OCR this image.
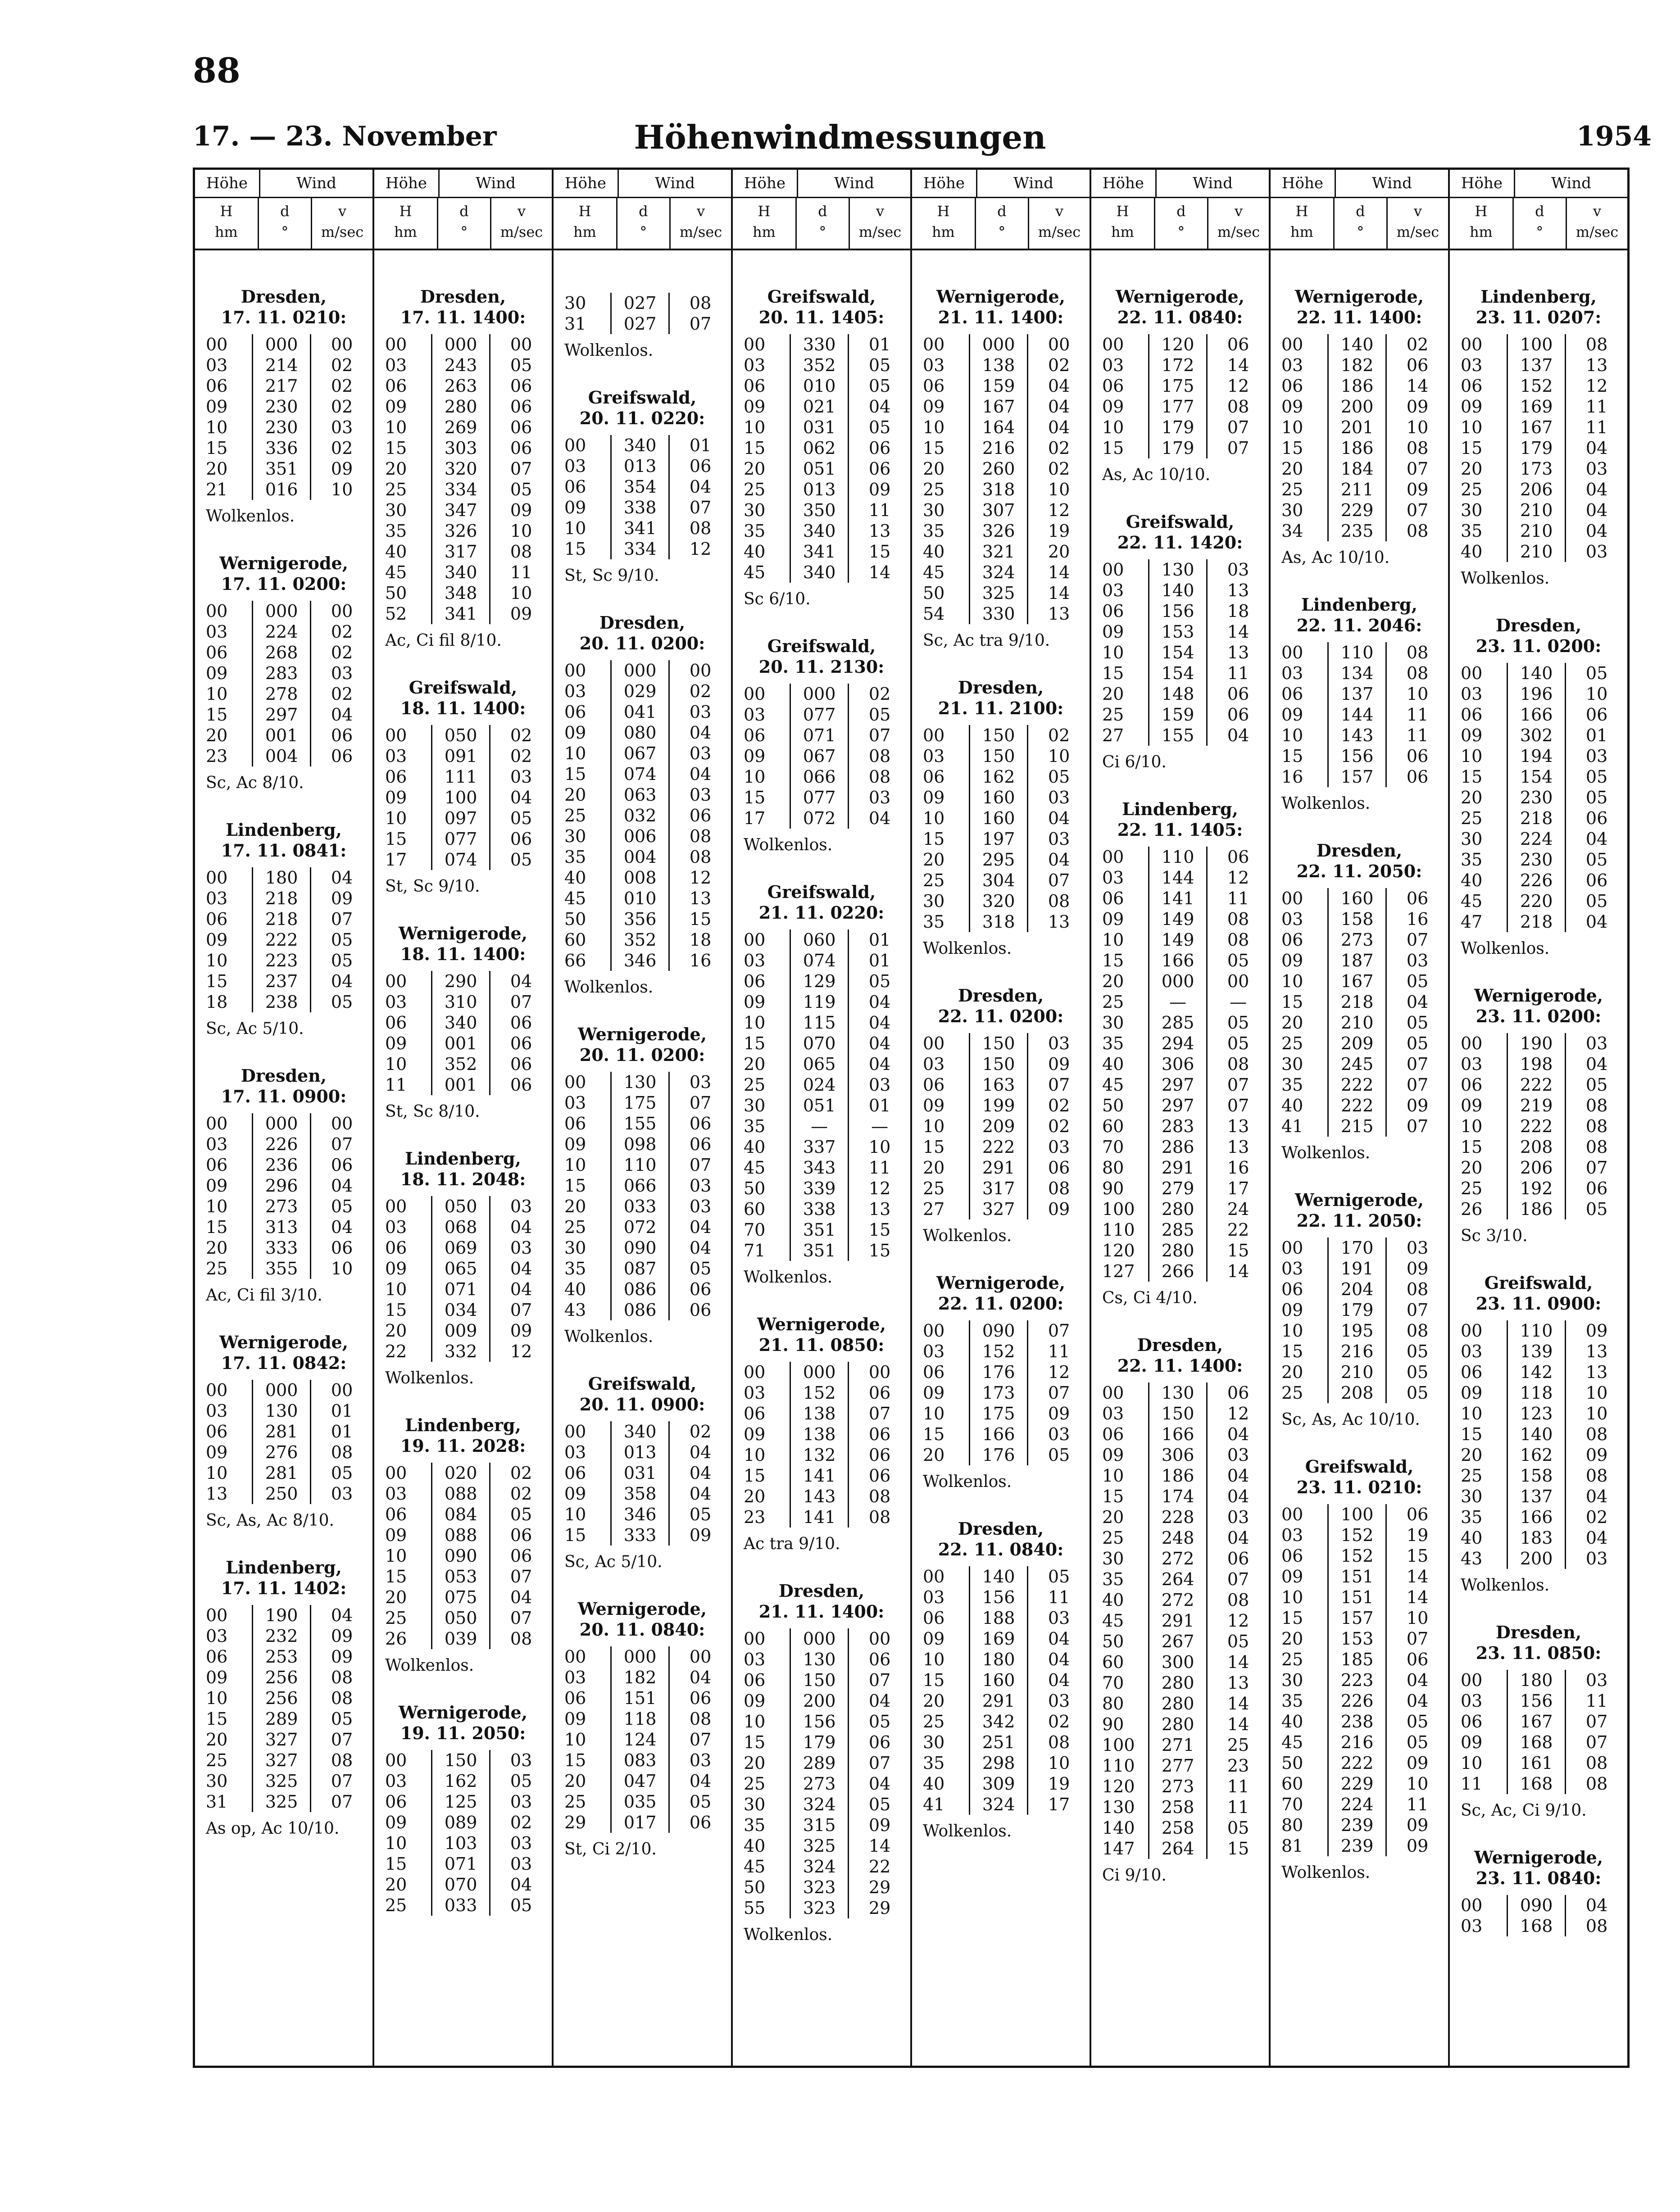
88
17. — 23. November	Höhenwindmessungen	1954
Höhe	Wind
H
hm
d
°
v
m/sec
Dresden,
17. 11. 0210:
00	000	00
03	214	02
06	217	02
09	230	02
10	230	03
15	336	02
20	351	09
21	016	10
Wolkenlos.
Wernigerode,
17. 11. 0200:
00	000	00
03	224	02
06	268	02
09	283	03
10	278	02
15	297	04
20	001	06
23	004	06
Sc, Ac 8/10.
Lindenberg,
17. 11. 0841:
00	180	04
03	218	09
06	218	07
09	222	05
10	223	05
15	237	04
18	238	05
Sc, Ac 5/10.
Dresden,
17. 11. 0900:
00	000	00
03	226	07
06	236	06
09	296	04
10	273	05
15	313	04
20	333	06
25	355	10
Ac, Ci fil 3/10.
Wernigerode,
17. 11. 0842:
00	000	00
03	130	01
06	281	01
09	276	08
10	281	05
13	250	03
Sc, As, Ac 8/10.
Lindenberg,
17. 11. 1402:
00	190	04
03	232	09
06	253	09
09	256	08
10	256	08
15	289	05
20	327	07
25	327	08
30	325	07
31	325	07
As op, Ac 10/10.
Höhe	Wind
H
hm
d
°
v
m/sec
Dresden,
17. 11. 1400:
00	000	00
03	243	05
06	263	06
09	280	06
10	269	06
15	303	06
20	320	07
25	334	05
30	347	09
35	326	10
40	317	08
45	340	11
50	348	10
52	341	09
Ac, Ci fil 8/10.
Greifswald,
18. 11. 1400:
00	050	02
03	091	02
06	111	03
09	100	04
10	097	05
15	077	06
17	074	05
St, Sc 9/10.
Wernigerode,
18. 11. 1400:
00	290	04
03	310	07
06	340	06
09	001	06
10	352	06
11	001	06
St, Sc 8/10.
Lindenberg,
18. 11. 2048:
00	050	03
03	068	04
06	069	03
09	065	04
10	071	04
15	034	07
20	009	09
22	332	12
Wolkenlos.
Lindenberg,
19. 11. 2028:
00	020	02
03	088	02
06	084	05
09	088	06
10	090	06
15	053	07
20	075	04
25	050	07
26	039	08
Wolkenlos.
Wernigerode,
19. 11. 2050:
00	150	03
03	162	05
06	125	03
09	089	02
10	103	03
15	071	03
20	070	04
25	033	05
Höhe	Wind
H
hm
d
°
v
m/sec
30	027	08
31	027	07
Wolkenlos.
Greifswald,
20. 11. 0220:
00	340	01
03	013	06
06	354	04
09	338	07
10	341	08
15	334	12
St, Sc 9/10.
Dresden,
20. 11. 0200:
00	000	00
03	029	02
06	041	03
09	080	04
10	067	03
15	074	04
20	063	03
25	032	06
30	006	08
35	004	08
40	008	12
45	010	13
50	356	15
60	352	18
66	346	16
Wolkenlos.
Wernigerode,
20. 11. 0200:
00	130	03
03	175	07
06	155	06
09	098	06
10	110	07
15	066	03
20	033	03
25	072	04
30	090	04
35	087	05
40	086	06
43	086	06
Wolkenlos.
Greifswald,
20. 11. 0900:
00	340	02
03	013	04
06	031	04
09	358	04
10	346	05
15	333	09
Sc, Ac 5/10.
Wernigerode,
20. 11. 0840:
00	000	00
03	182	04
06	151	06
09	118	08
10	124	07
15	083	03
20	047	04
25	035	05
29	017	06
St, Ci 2/10.
Höhe	Wind
H
hm
d
°
v
m/sec
Greifswald,
20. 11. 1405:
00	330	01
03	352	05
06	010	05
09	021	04
10	031	05
15	062	06
20	051	06
25	013	09
30	350	11
35	340	13
40	341	15
45	340	14
Sc 6/10.
Greifswald,
20. 11. 2130:
00	000	02
03	077	05
06	071	07
09	067	08
10	066	08
15	077	03
17	072	04
Wolkenlos.
Greifswald,
21. 11. 0220:
00	060	01
03	074	01
06	129	05
09	119	04
10	115	04
15	070	04
20	065	04
25	024	03
30	051	01
35	—	—
40	337	10
45	343	11
50	339	12
60	338	13
70	351	15
71	351	15
Wolkenlos.
Wernigerode,
21. 11. 0850:
00	000	00
03	152	06
06	138	07
09	138	06
10	132	06
15	141	06
20	143	08
23	141	08
Ac tra 9/10.
Dresden,
21. 11. 1400:
00	000	00
03	130	06
06	150	07
09	200	04
10	156	05
15	179	06
20	289	07
25	273	04
30	324	05
35	315	09
40	325	14
45	324	22
50	323	29
55	323	29
Wolkenlos.
Höhe	Wind
H
hm
d
°
v
m/sec
Wernigerode,
21. 11. 1400:
00	000	00
03	138	02
06	159	04
09	167	04
10	164	04
15	216	02
20	260	02
25	318	10
30	307	12
35	326	19
40	321	20
45	324	14
50	325	14
54	330	13
Sc, Ac tra 9/10.
Dresden,
21. 11. 2100:
00	150	02
03	150	10
06	162	05
09	160	03
10	160	04
15	197	03
20	295	04
25	304	07
30	320	08
35	318	13
Wolkenlos.
Dresden,
22. 11. 0200:
00	150	03
03	150	09
06	163	07
09	199	02
10	209	02
15	222	03
20	291	06
25	317	08
27	327	09
Wolkenlos.
Wernigerode,
22. 11. 0200:
00	090	07
03	152	11
06	176	12
09	173	07
10	175	09
15	166	03
20	176	05
Wolkenlos.
Dresden,
22. 11. 0840:
00	140	05
03	156	11
06	188	03
09	169	04
10	180	04
15	160	04
20	291	03
25	342	02
30	251	08
35	298	10
40	309	19
41	324	17
Wolkenlos.
Höhe	Wind
H
hm
d
°
v
m/sec
Wernigerode,
22. 11. 0840:
00	120	06
03	172	14
06	175	12
09	177	08
10	179	07
15	179	07
As, Ac 10/10.
Greifswald,
22. 11. 1420:
00	130	03
03	140	13
06	156	18
09	153	14
10	154	13
15	154	11
20	148	06
25	159	06
27	155	04
Ci 6/10.
Lindenberg,
22. 11. 1405:
00	110	06
03	144	12
06	141	11
09	149	08
10	149	08
15	166	05
20	000	00
25	—	—
30	285	05
35	294	05
40	306	08
45	297	07
50	297	07
60	283	13
70	286	13
80	291	16
90	279	17
100	280	24
110	285	22
120	280	15
127	266	14
Cs, Ci 4/10.
Dresden,
22. 11. 1400:
00	130	06
03	150	12
06	166	04
09	306	03
10	186	04
15	174	04
20	228	03
25	248	04
30	272	06
35	264	07
40	272	08
45	291	12
50	267	05
60	300	14
70	280	13
80	280	14
90	280	14
100	271	25
110	277	23
120	273	11
130	258	11
140	258	05
147	264	15
Ci 9/10.
Höhe	Wind
H
hm
d
°
v
m/sec
Wernigerode,
22. 11. 1400:
00	140	02
03	182	06
06	186	14
09	200	09
10	201	10
15	186	08
20	184	07
25	211	09
30	229	07
34	235	08
As, Ac 10/10.
Lindenberg,
22. 11. 2046:
00	110	08
03	134	08
06	137	10
09	144	11
10	143	11
15	156	06
16	157	06
Wolkenlos.
Dresden,
22. 11. 2050:
00	160	06
03	158	16
06	273	07
09	187	03
10	167	05
15	218	04
20	210	05
25	209	05
30	245	07
35	222	07
40	222	09
41	215	07
Wolkenlos.
Wernigerode,
22. 11. 2050:
00	170	03
03	191	09
06	204	08
09	179	07
10	195	08
15	216	05
20	210	05
25	208	05
Sc, As, Ac 10/10.
Greifswald,
23. 11. 0210:
00	100	06
03	152	19
06	152	15
09	151	14
10	151	14
15	157	10
20	153	07
25	185	06
30	223	04
35	226	04
40	238	05
45	216	05
50	222	09
60	229	10
70	224	11
80	239	09
81	239	09
Wolkenlos.
Höhe	Wind
H
hm
d
°
v
m/sec
Lindenberg,
23. 11. 0207:
00	100	08
03	137	13
06	152	12
09	169	11
10	167	11
15	179	04
20	173	03
25	206	04
30	210	04
35	210	04
40	210	03
Wolkenlos.
Dresden,
23. 11. 0200:
00	140	05
03	196	10
06	166	06
09	302	01
10	194	03
15	154	05
20	230	05
25	218	06
30	224	04
35	230	05
40	226	06
45	220	05
47	218	04
Wolkenlos.
Wernigerode,
23. 11. 0200:
00	190	03
03	198	04
06	222	05
09	219	08
10	222	08
15	208	08
20	206	07
25	192	06
26	186	05
Sc 3/10.
Greifswald,
23. 11. 0900:
00	110	09
03	139	13
06	142	13
09	118	10
10	123	10
15	140	08
20	162	09
25	158	08
30	137	04
35	166	02
40	183	04
43	200	03
Wolkenlos.
Dresden,
23. 11. 0850:
00	180	03
03	156	11
06	167	07
09	168	07
10	161	08
11	168	08
Sc, Ac, Ci 9/10.
Wernigerode,
23. 11. 0840:
00	090	04
03	168	08
